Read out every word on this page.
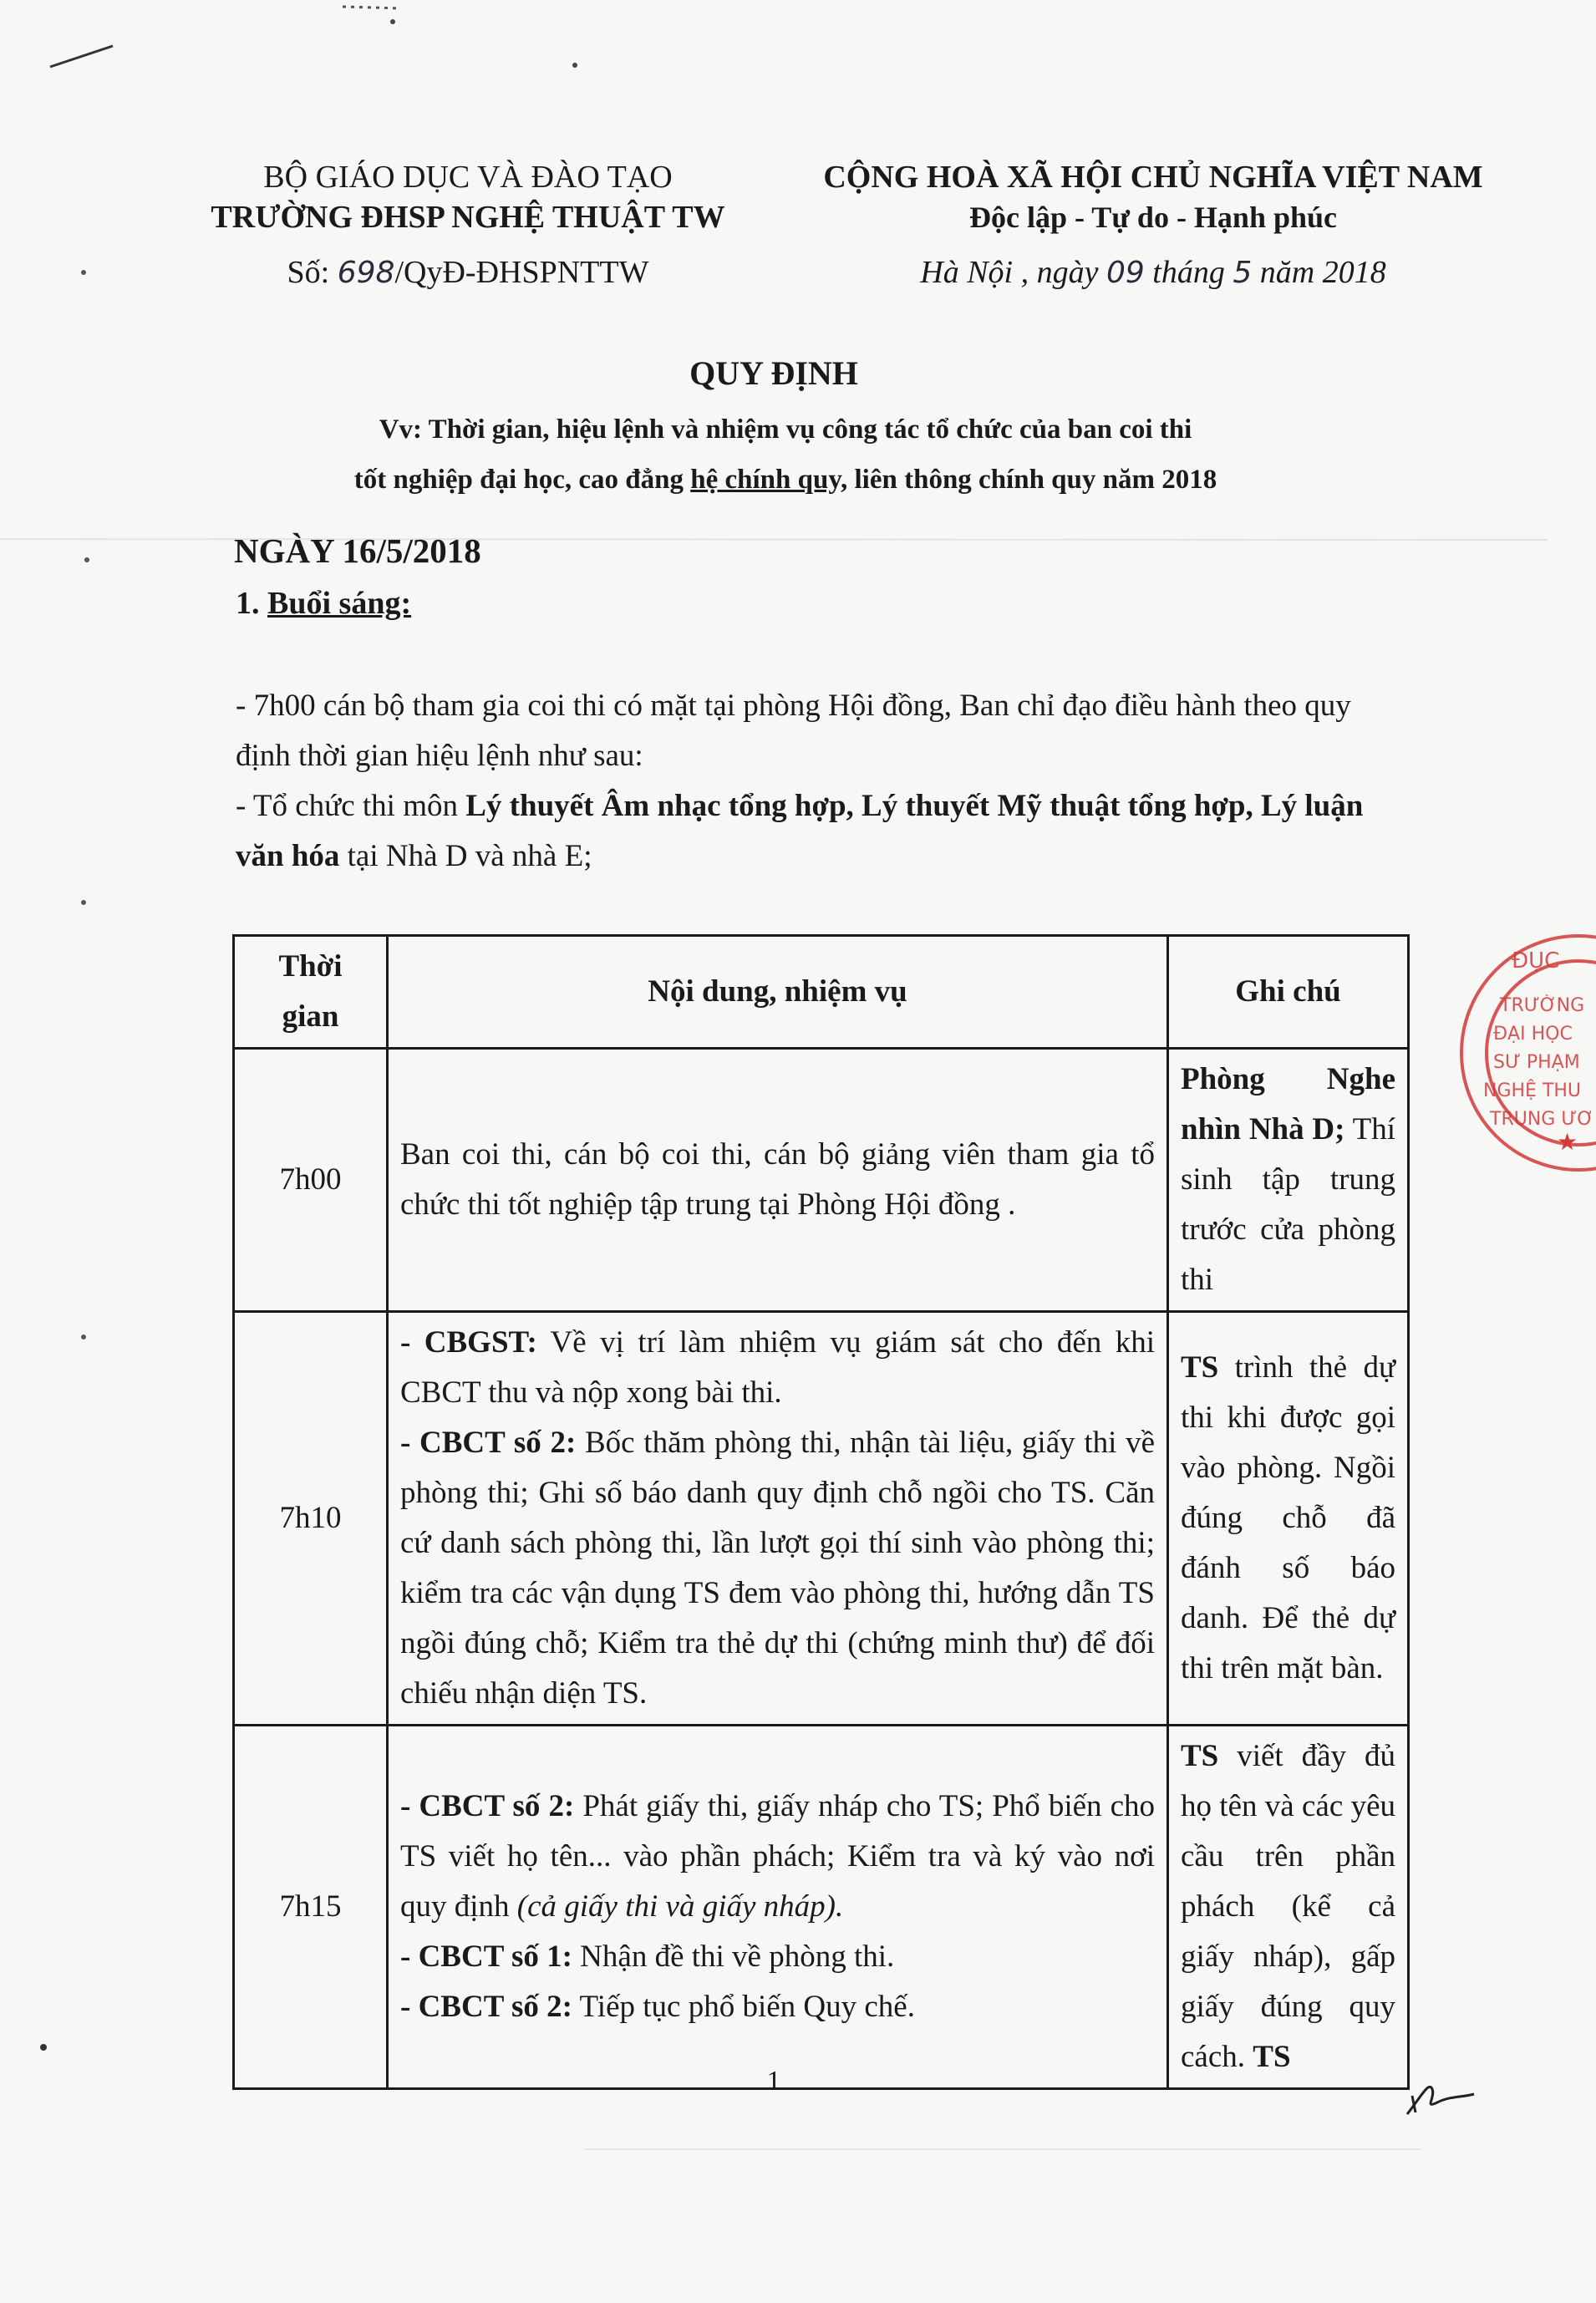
BỘ GIÁO DỤC VÀ ĐÀO TẠO
TRƯỜNG ĐHSP NGHỆ THUẬT TW
Số: 698/QyĐ-ĐHSPNTTW
CỘNG HOÀ XÃ HỘI CHỦ NGHĨA VIỆT NAM
Độc lập - Tự do - Hạnh phúc
Hà Nội , ngày 09 tháng 5 năm 2018
QUY ĐỊNH
Vv: Thời gian, hiệu lệnh và nhiệm vụ công tác tổ chức của ban coi thi
tốt nghiệp đại học, cao đẳng hệ chính quy, liên thông chính quy năm 2018
NGÀY 16/5/2018
1. Buổi sáng:
- 7h00 cán bộ tham gia coi thi có mặt tại phòng Hội đồng, Ban chỉ đạo điều hành theo quy định thời gian hiệu lệnh như sau:
- Tổ chức thi môn Lý thuyết Âm nhạc tổng hợp, Lý thuyết Mỹ thuật tổng hợp, Lý luận văn hóa tại Nhà D và nhà E;
Thời gian	Nội dung, nhiệm vụ	Ghi chú
7h00	Ban coi thi, cán bộ coi thi, cán bộ giảng viên tham gia tổ chức thi tốt nghiệp tập trung tại Phòng Hội đồng .	Phòng Nghe nhìn Nhà D; Thí sinh tập trung trước cửa phòng thi
7h10	- CBGST: Về vị trí làm nhiệm vụ giám sát cho đến khi CBCT thu và nộp xong bài thi.
- CBCT số 2: Bốc thăm phòng thi, nhận tài liệu, giấy thi về phòng thi; Ghi số báo danh quy định chỗ ngồi cho TS. Căn cứ danh sách phòng thi, lần lượt gọi thí sinh vào phòng thi; kiểm tra các vận dụng TS đem vào phòng thi, hướng dẫn TS ngồi đúng chỗ; Kiểm tra thẻ dự thi (chứng minh thư) để đối chiếu nhận diện TS.	TS trình thẻ dự thi khi được gọi vào phòng. Ngồi đúng chỗ đã đánh số báo danh. Để thẻ dự thi trên mặt bàn.
7h15	- CBCT số 2: Phát giấy thi, giấy nháp cho TS; Phổ biến cho TS viết họ tên... vào phần phách; Kiểm tra và ký vào nơi quy định (cả giấy thi và giấy nháp).
- CBCT số 1: Nhận đề thi về phòng thi.
- CBCT số 2: Tiếp tục phổ biến Quy chế.	TS viết đầy đủ họ tên và các yêu cầu trên phần phách (kể cả giấy nháp), gấp giấy đúng quy cách. TS
ĐỤC
TRƯỜNG
ĐẠI HỌC
SƯ PHẠM
NGHỆ THU
TRUNG ƯƠ
★
1
